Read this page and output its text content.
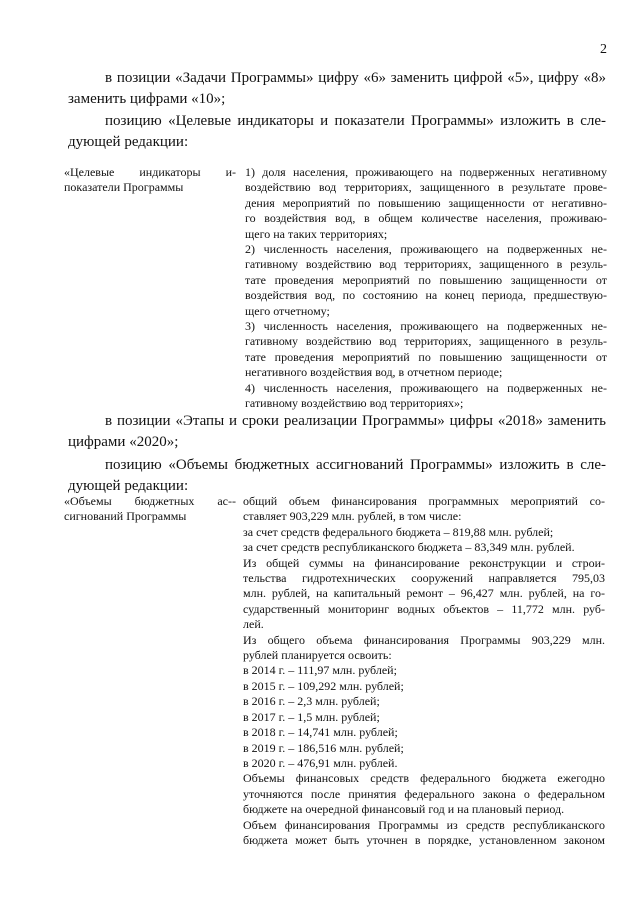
2
в позиции «Задачи Программы» цифру «6» заменить цифрой «5», цифру «8»
заменить цифрами «10»;
позицию «Целевые индикаторы и показатели Программы» изложить в сле-
дующей редакции:
«Целевые индикаторы и
показатели Программы
- 1) доля населения, проживающего на подверженных негативному
воздействию вод территориях, защищенного в результате прове-
дения мероприятий по повышению защищенности от негативно-
го воздействия вод, в общем количестве населения, проживаю-
щего на таких территориях;
2) численность населения, проживающего на подверженных не-
гативному воздействию вод территориях, защищенного в резуль-
тате проведения мероприятий по повышению защищенности от
воздействия вод, по состоянию на конец периода, предшествую-
щего отчетному;
3) численность населения, проживающего на подверженных не-
гативному воздействию вод территориях, защищенного в резуль-
тате проведения мероприятий по повышению защищенности от
негативного воздействия вод, в отчетном периоде;
4) численность населения, проживающего на подверженных не-
гативному воздействию вод территориях»;
в позиции «Этапы и сроки реализации Программы» цифры «2018» заменить
цифрами «2020»;
позицию «Объемы бюджетных ассигнований Программы» изложить в сле-
дующей редакции:
«Объемы бюджетных ас-
сигнований Программы
- общий объем финансирования программных мероприятий со-
ставляет 903,229 млн. рублей, в том числе:
за счет средств федерального бюджета – 819,88 млн. рублей;
за счет средств республиканского бюджета – 83,349 млн. рублей.
Из общей суммы на финансирование реконструкции и строи-
тельства гидротехнических сооружений направляется 795,03
млн. рублей, на капитальный ремонт – 96,427 млн. рублей, на го-
сударственный мониторинг водных объектов – 11,772 млн. руб-
лей.
Из общего объема финансирования Программы 903,229 млн.
рублей планируется освоить:
в 2014 г. – 111,97 млн. рублей;
в 2015 г. – 109,292 млн. рублей;
в 2016 г. – 2,3 млн. рублей;
в 2017 г. – 1,5 млн. рублей;
в 2018 г. – 14,741 млн. рублей;
в 2019 г. – 186,516 млн. рублей;
в 2020 г. – 476,91 млн. рублей.
Объемы финансовых средств федерального бюджета ежегодно
уточняются после принятия федерального закона о федеральном
бюджете на очередной финансовый год и на плановый период.
Объем финансирования Программы из средств республиканского
бюджета может быть уточнен в порядке, установленном законом
